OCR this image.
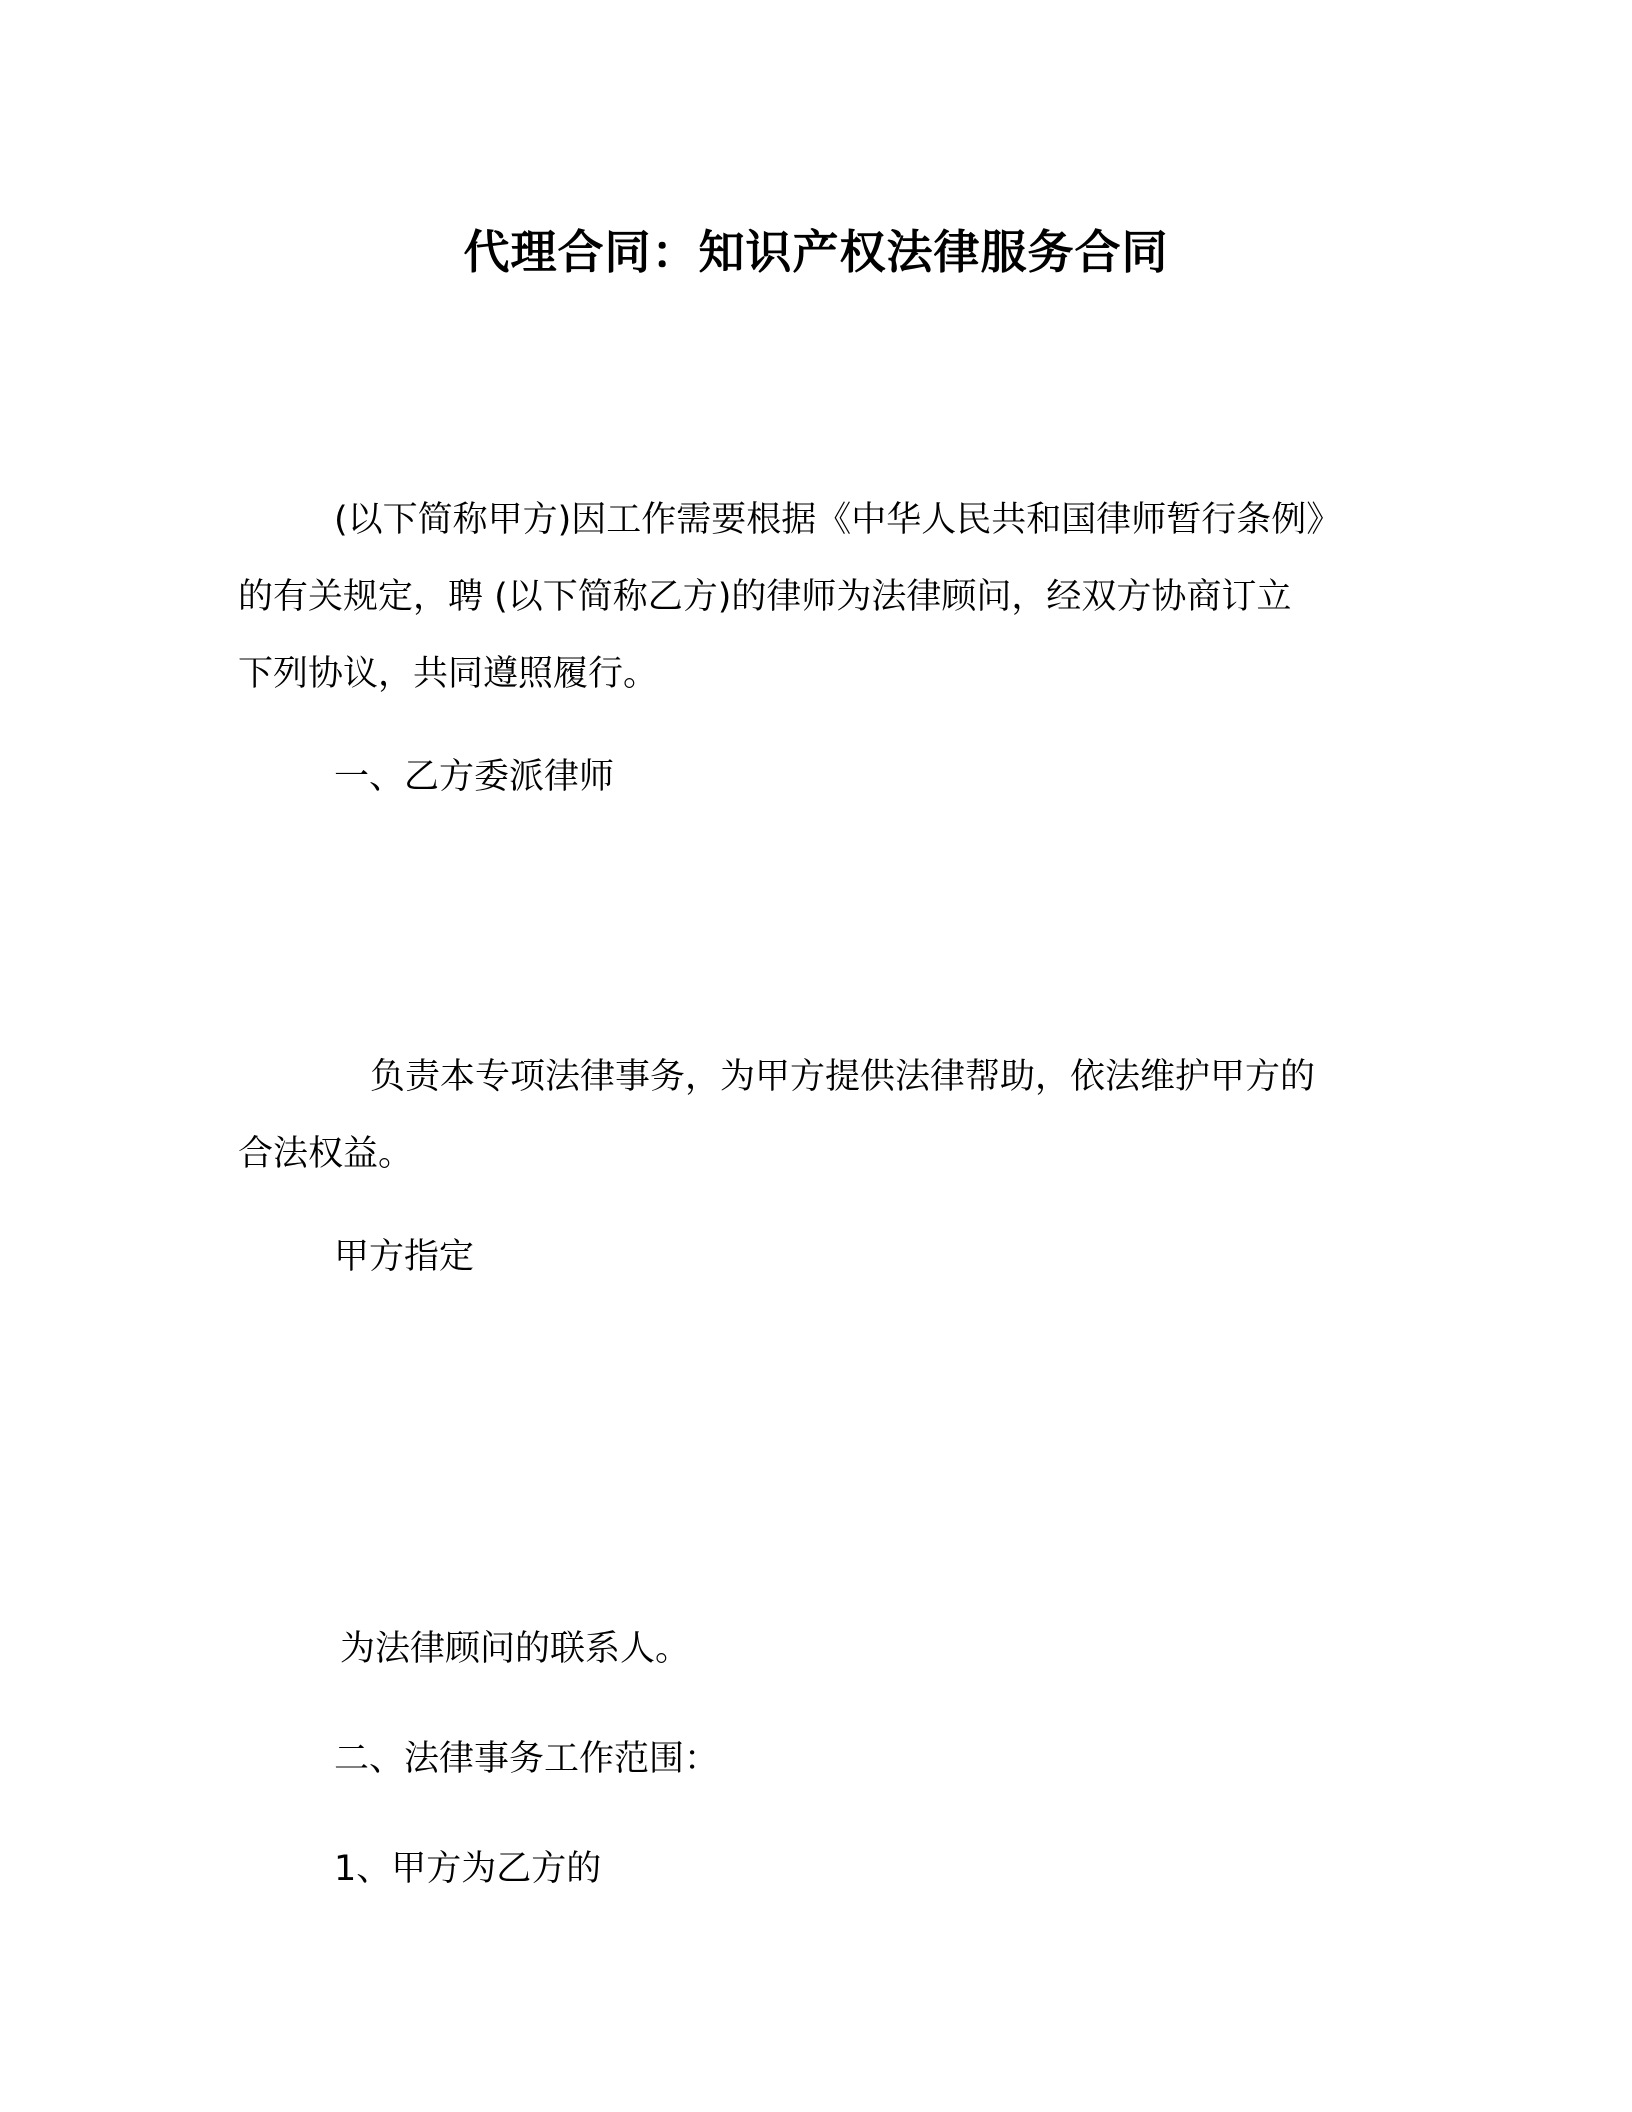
代理合同：知识产权法律服务合同
(以下简称甲方)因工作需要根据《中华人民共和国律师暂行条例》
的有关规定，聘 (以下简称乙方)的律师为法律顾问，经双方协商订立
下列协议，共同遵照履行。
一、乙方委派律师
负责本专项法律事务，为甲方提供法律帮助，依法维护甲方的
合法权益。
甲方指定
为法律顾问的联系人。
二、法律事务工作范围：
1、甲方为乙方的
